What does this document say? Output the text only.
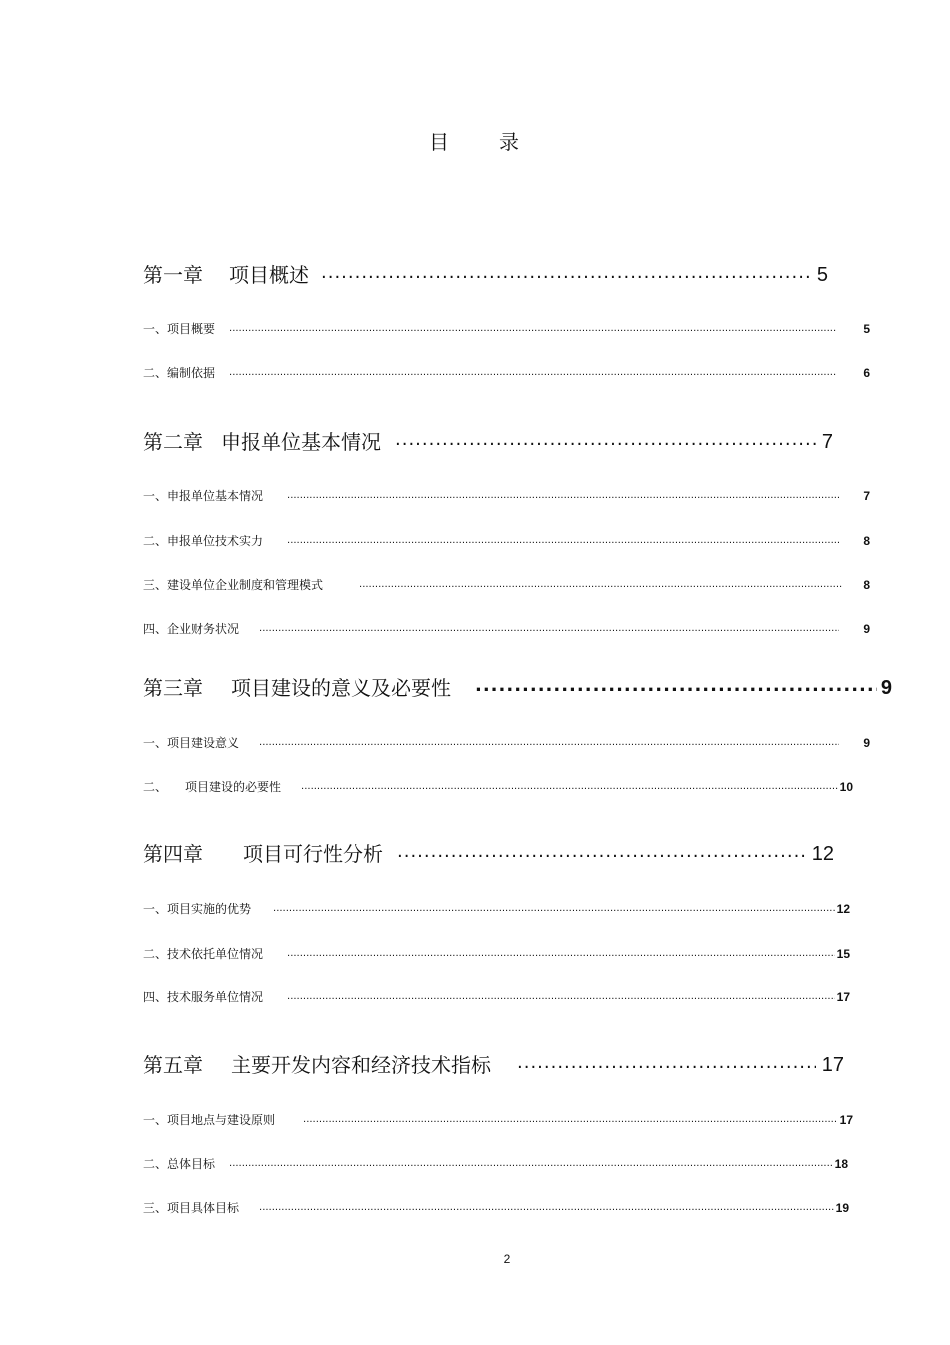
目 录
第一章 项目概述 .....	5
一、项目概要 .....	5
二、编制依据 .....	6
第二章 申报单位基本情况 .....	7
一、申报单位基本情况 .....	7
二、申报单位技术实力 .....	8
三、建设单位企业制度和管理模式 .....	8
四、企业财务状况 .....	9
第三章 项目建设的意义及必要性 .....	9
一、项目建设意义 .....	9
二、 项目建设的必要性 .....	10
第四章 项目可行性分析 .....	12
一、项目实施的优势 .....	12
二、技术依托单位情况 .....	15
四、技术服务单位情况 .....	17
第五章 主要开发内容和经济技术指标 .....	17
一、项目地点与建设原则 .....	17
二、总体目标 .....	18
三、项目具体目标 .....	19
2
